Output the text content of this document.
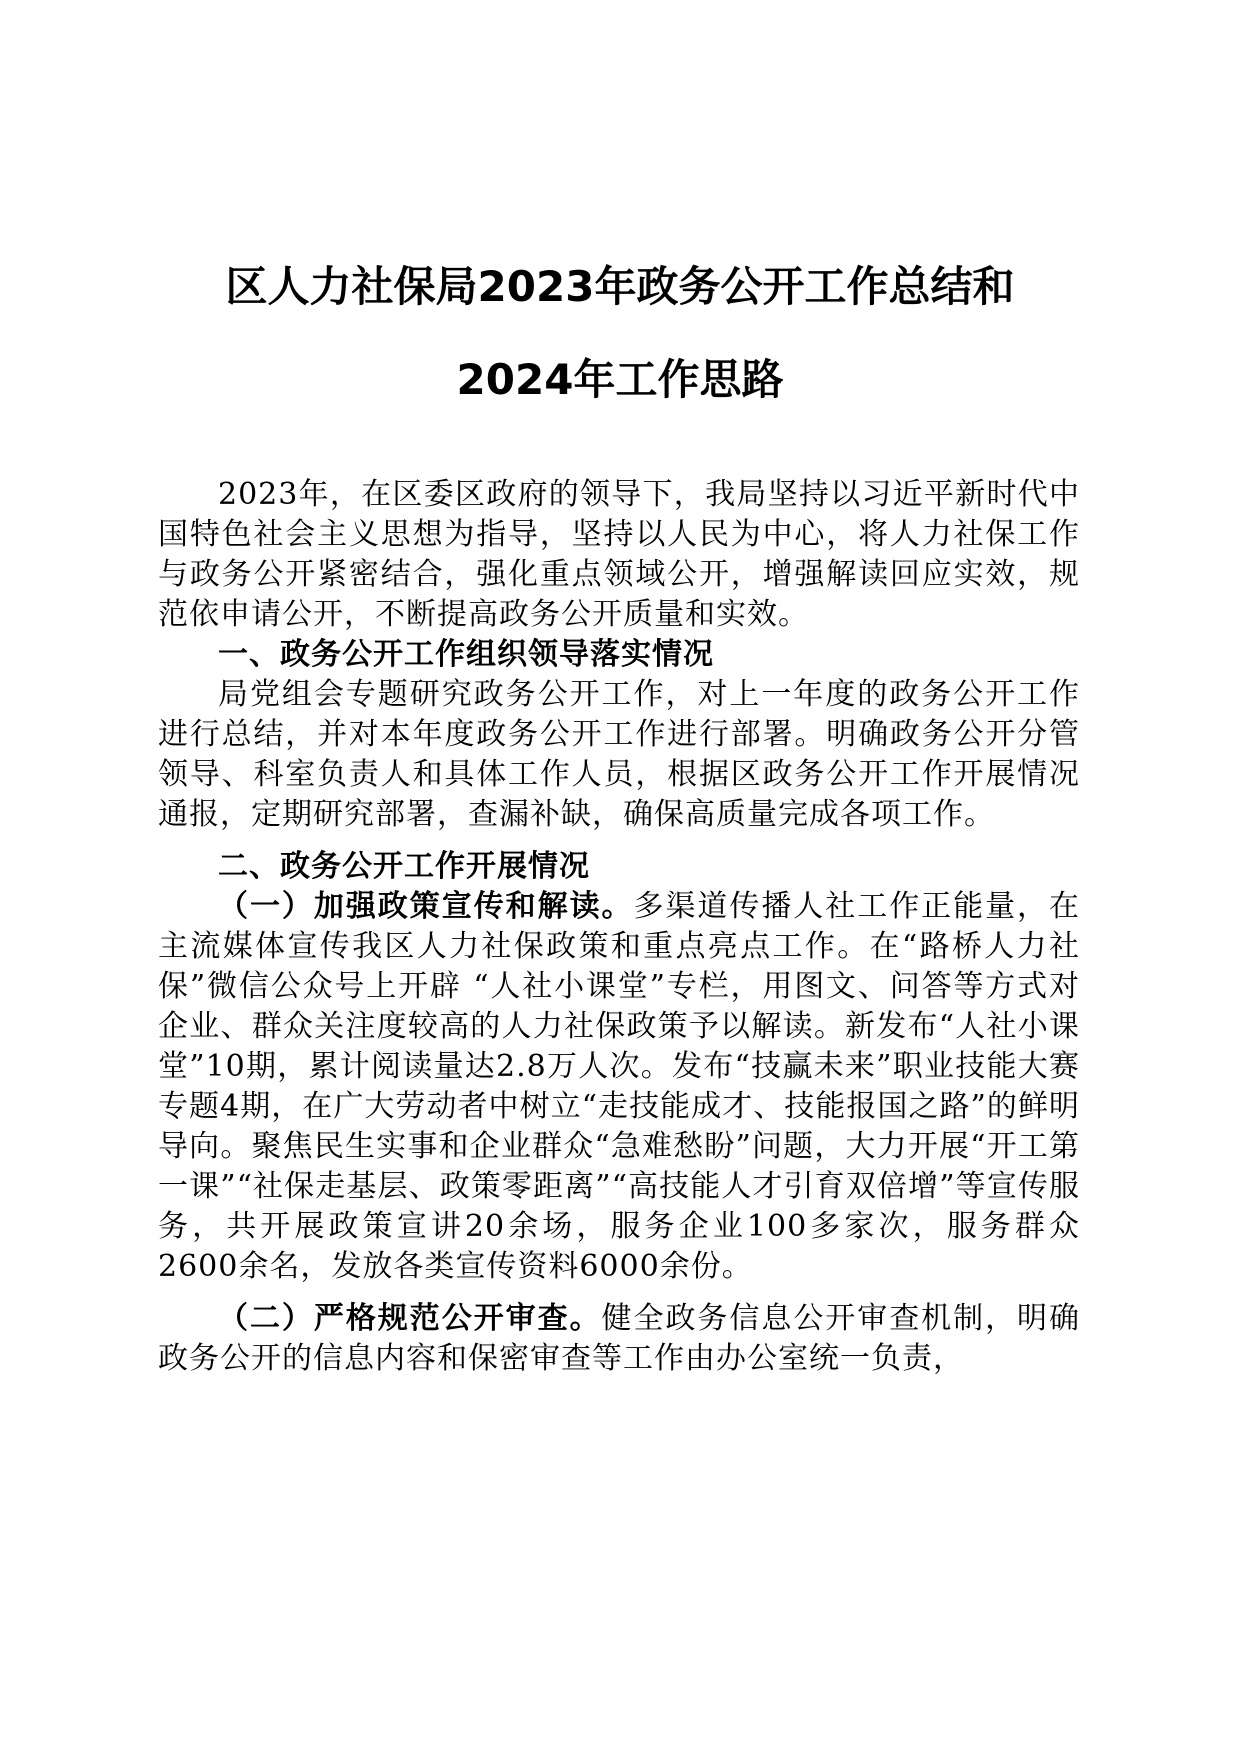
区人力社保局2023年政务公开工作总结和
2024年工作思路

2023年，在区委区政府的领导下，我局坚持以习近平新时代中国特色社会主义思想为指导，坚持以人民为中心，将人力社保工作与政务公开紧密结合，强化重点领域公开，增强解读回应实效，规范依申请公开，不断提高政务公开质量和实效。

一、政务公开工作组织领导落实情况

局党组会专题研究政务公开工作，对上一年度的政务公开工作进行总结，并对本年度政务公开工作进行部署。明确政务公开分管领导、科室负责人和具体工作人员，根据区政务公开工作开展情况通报，定期研究部署，查漏补缺，确保高质量完成各项工作。

二、政务公开工作开展情况

（一）加强政策宣传和解读。多渠道传播人社工作正能量，在主流媒体宣传我区人力社保政策和重点亮点工作。在“路桥人力社保”微信公众号上开辟 “人社小课堂”专栏，用图文、问答等方式对企业、群众关注度较高的人力社保政策予以解读。新发布“人社小课堂”10期，累计阅读量达2.8万人次。发布“技赢未来”职业技能大赛专题4期，在广大劳动者中树立“走技能成才、技能报国之路”的鲜明导向。聚焦民生实事和企业群众“急难愁盼”问题，大力开展“开工第一课”“社保走基层、政策零距离”“高技能人才引育双倍增”等宣传服务，共开展政策宣讲20余场，服务企业100多家次，服务群众2600余名，发放各类宣传资料6000余份。

（二）严格规范公开审查。健全政务信息公开审查机制，明确政务公开的信息内容和保密审查等工作由办公室统一负责，
